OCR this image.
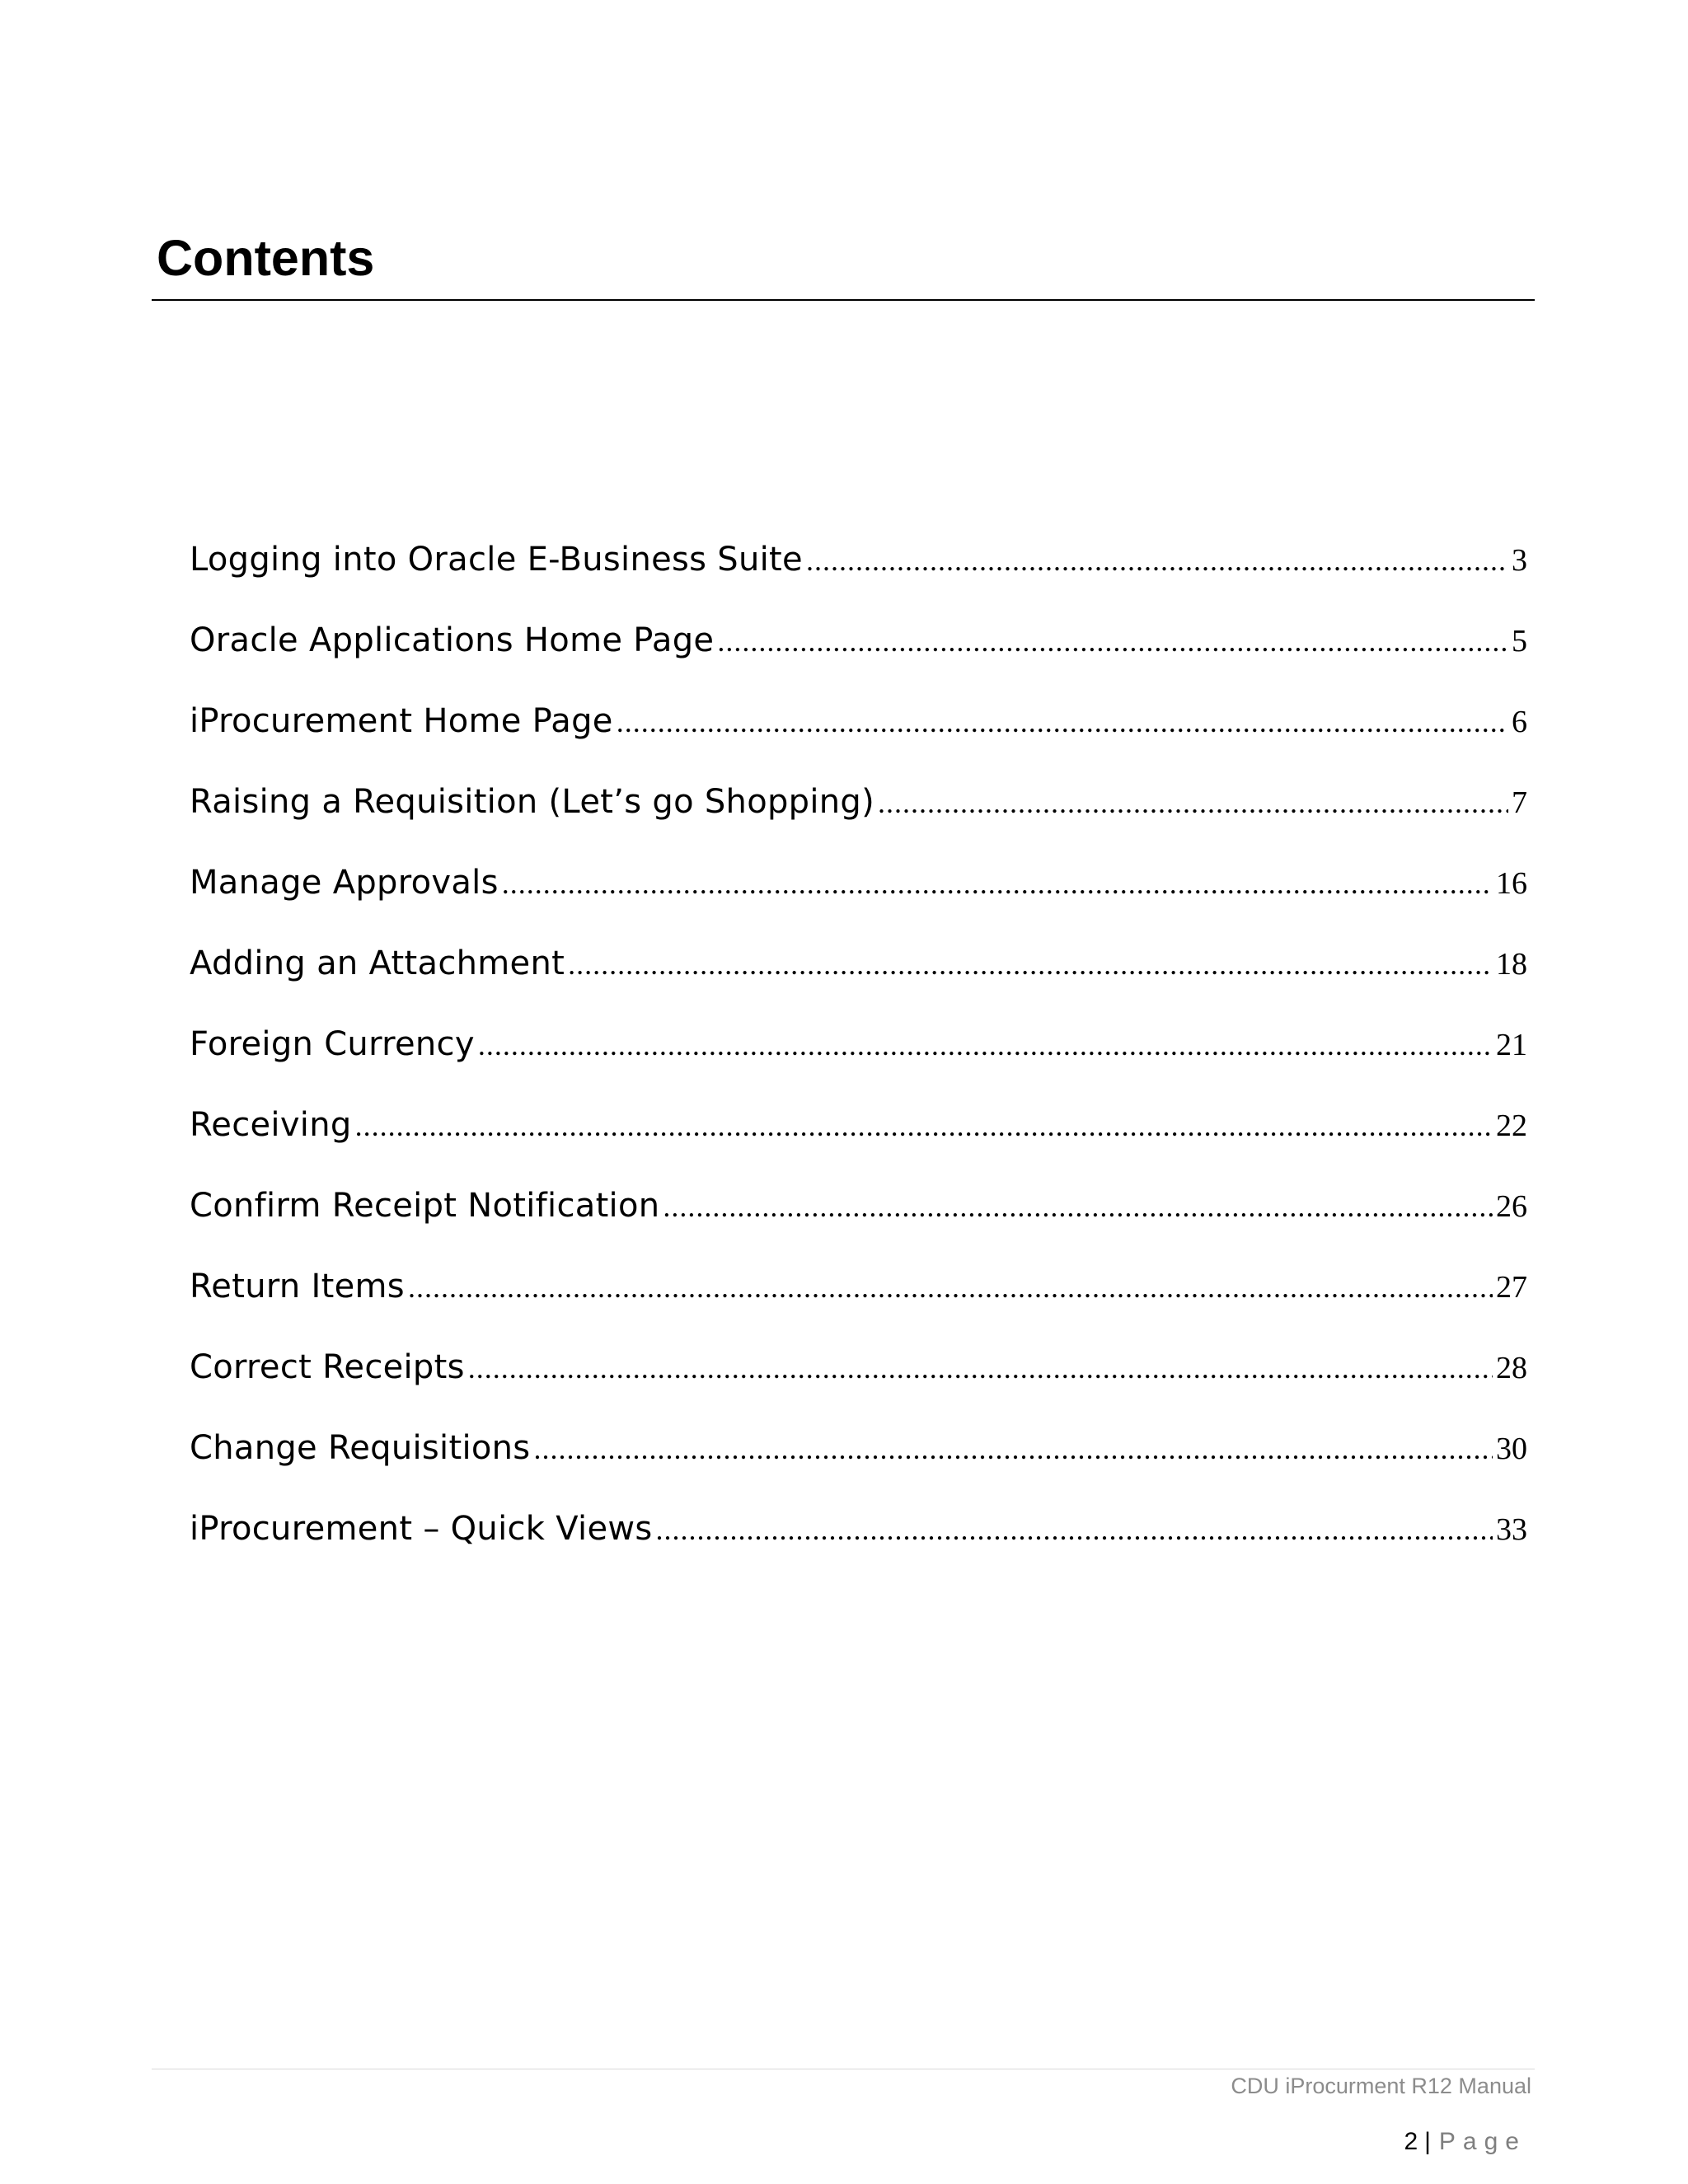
Contents
Logging into Oracle E-Business Suite .....	3
Oracle Applications Home Page .....	5
iProcurement Home Page .....	6
Raising a Requisition (Let’s go Shopping) .....	7
Manage Approvals .....	16
Adding an Attachment .....	18
Foreign Currency .....	21
Receiving .....	22
Confirm Receipt Notification .....	26
Return Items .....	27
Correct Receipts .....	28
Change Requisitions .....	30
iProcurement – Quick Views .....	33
CDU iProcurment R12 Manual
2 | Page
